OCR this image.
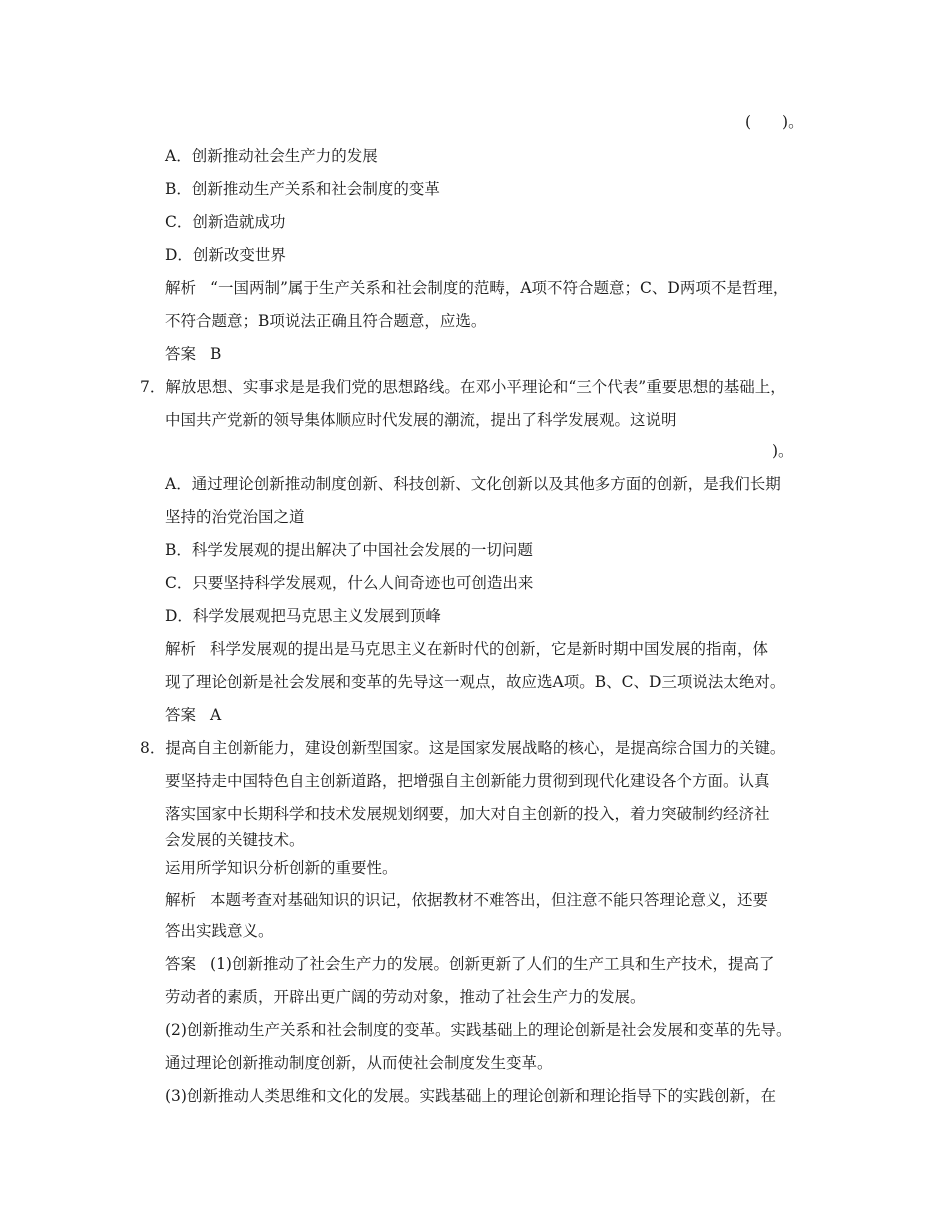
(　　)。
A．创新推动社会生产力的发展
B．创新推动生产关系和社会制度的变革
C．创新造就成功
D．创新改变世界
解析 “一国两制”属于生产关系和社会制度的范畴，A项不符合题意；C、D两项不是哲理，
不符合题意；B项说法正确且符合题意，应选。
答案 B
7．解放思想、实事求是是我们党的思想路线。在邓小平理论和“三个代表”重要思想的基础上，
中国共产党新的领导集体顺应时代发展的潮流，提出了科学发展观。这说明
)。
A．通过理论创新推动制度创新、科技创新、文化创新以及其他多方面的创新，是我们长期
坚持的治党治国之道
B．科学发展观的提出解决了中国社会发展的一切问题
C．只要坚持科学发展观，什么人间奇迹也可创造出来
D．科学发展观把马克思主义发展到顶峰
解析 科学发展观的提出是马克思主义在新时代的创新，它是新时期中国发展的指南，体
现了理论创新是社会发展和变革的先导这一观点，故应选A项。B、C、D三项说法太绝对。
答案 A
8．提高自主创新能力，建设创新型国家。这是国家发展战略的核心，是提高综合国力的关键。
要坚持走中国特色自主创新道路，把增强自主创新能力贯彻到现代化建设各个方面。认真
落实国家中长期科学和技术发展规划纲要，加大对自主创新的投入，着力突破制约经济社
会发展的关键技术。
运用所学知识分析创新的重要性。
解析 本题考查对基础知识的识记，依据教材不难答出，但注意不能只答理论意义，还要
答出实践意义。
答案 (1)创新推动了社会生产力的发展。创新更新了人们的生产工具和生产技术，提高了
劳动者的素质，开辟出更广阔的劳动对象，推动了社会生产力的发展。
(2)创新推动生产关系和社会制度的变革。实践基础上的理论创新是社会发展和变革的先导。
通过理论创新推动制度创新，从而使社会制度发生变革。
(3)创新推动人类思维和文化的发展。实践基础上的理论创新和理论指导下的实践创新，在
